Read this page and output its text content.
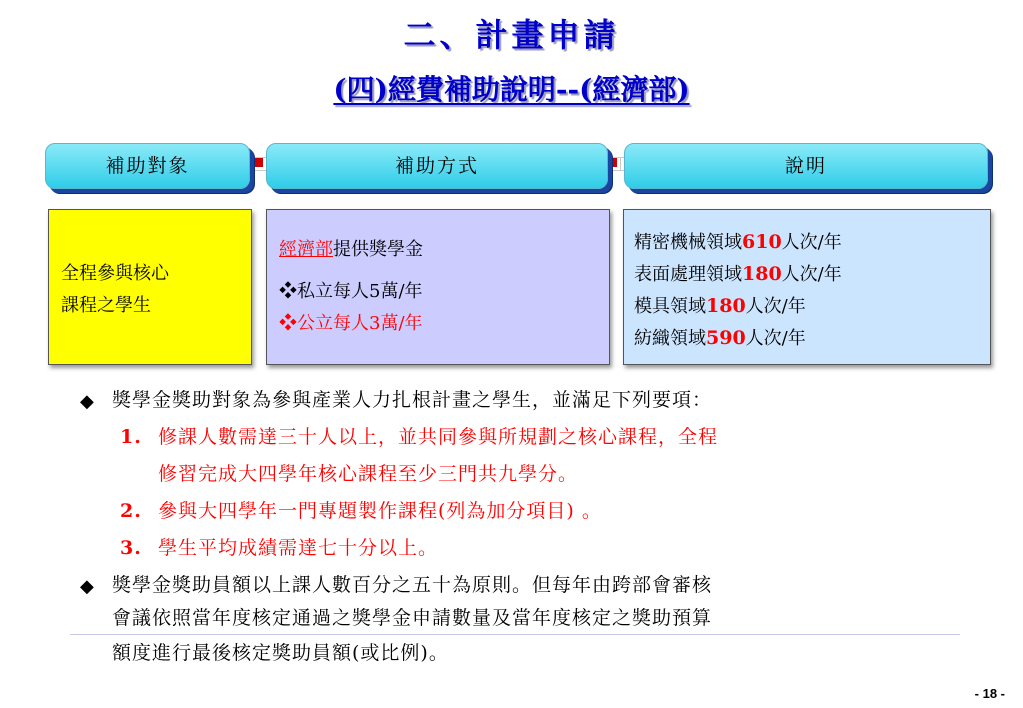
二、計畫申請
(四)經費補助說明--(經濟部)
補助對象	補助方式	說明
全程參與核心
課程之學生
經濟部提供獎學金
❖私立每人5萬/年
❖公立每人3萬/年
精密機械領域610人次/年
表面處理領域180人次/年
模具領域180人次/年
紡織領域590人次/年
◆ 獎學金獎助對象為參與產業人力扎根計畫之學生，並滿足下列要項：
1. 修課人數需達三十人以上，並共同參與所規劃之核心課程，全程
修習完成大四學年核心課程至少三門共九學分。
2. 參與大四學年一門專題製作課程(列為加分項目) 。
3. 學生平均成績需達七十分以上。
◆ 獎學金獎助員額以上課人數百分之五十為原則。但每年由跨部會審核
會議依照當年度核定通過之獎學金申請數量及當年度核定之獎助預算
額度進行最後核定獎助員額(或比例)。
- 18 -
